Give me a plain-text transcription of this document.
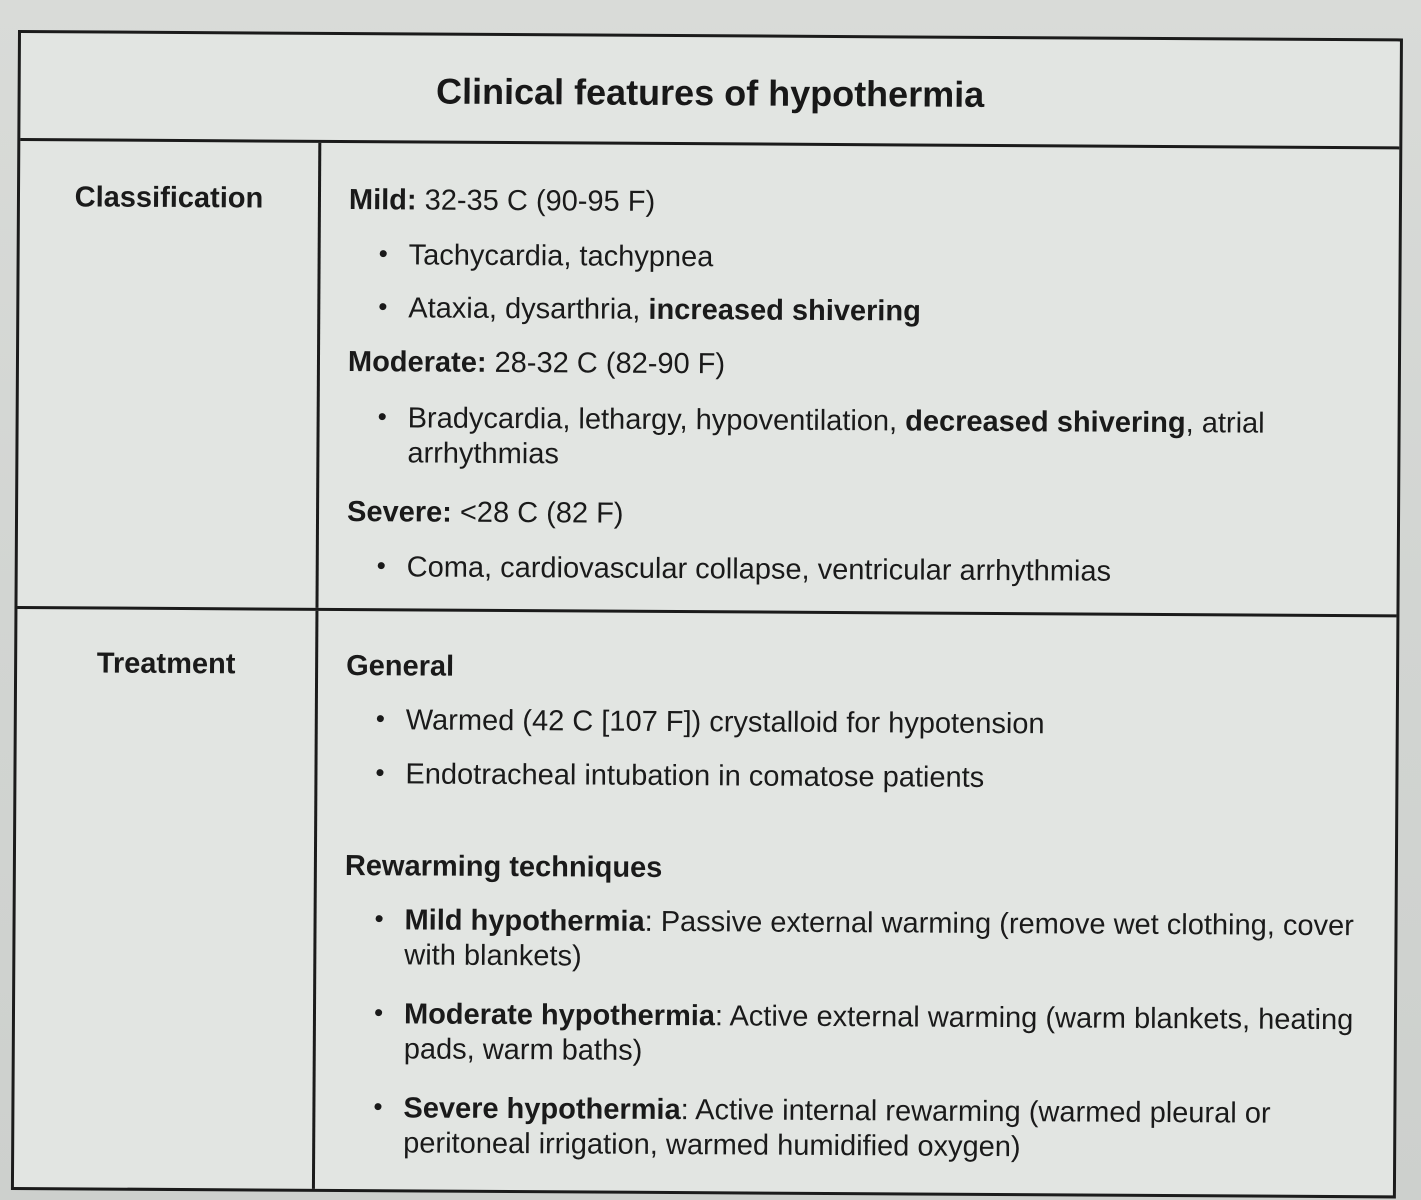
Clinical features of hypothermia
Classification	Mild: 32-35 C (90-95 F)
• Tachycardia, tachypnea
• Ataxia, dysarthria, increased shivering
Moderate: 28-32 C (82-90 F)
• Bradycardia, lethargy, hypoventilation, decreased shivering, atrial arrhythmias
Severe: <28 C (82 F)
• Coma, cardiovascular collapse, ventricular arrhythmias
Treatment	General
• Warmed (42 C [107 F]) crystalloid for hypotension
• Endotracheal intubation in comatose patients
Rewarming techniques
• Mild hypothermia: Passive external warming (remove wet clothing, cover with blankets)
• Moderate hypothermia: Active external warming (warm blankets, heating pads, warm baths)
• Severe hypothermia: Active internal rewarming (warmed pleural or peritoneal irrigation, warmed humidified oxygen)
